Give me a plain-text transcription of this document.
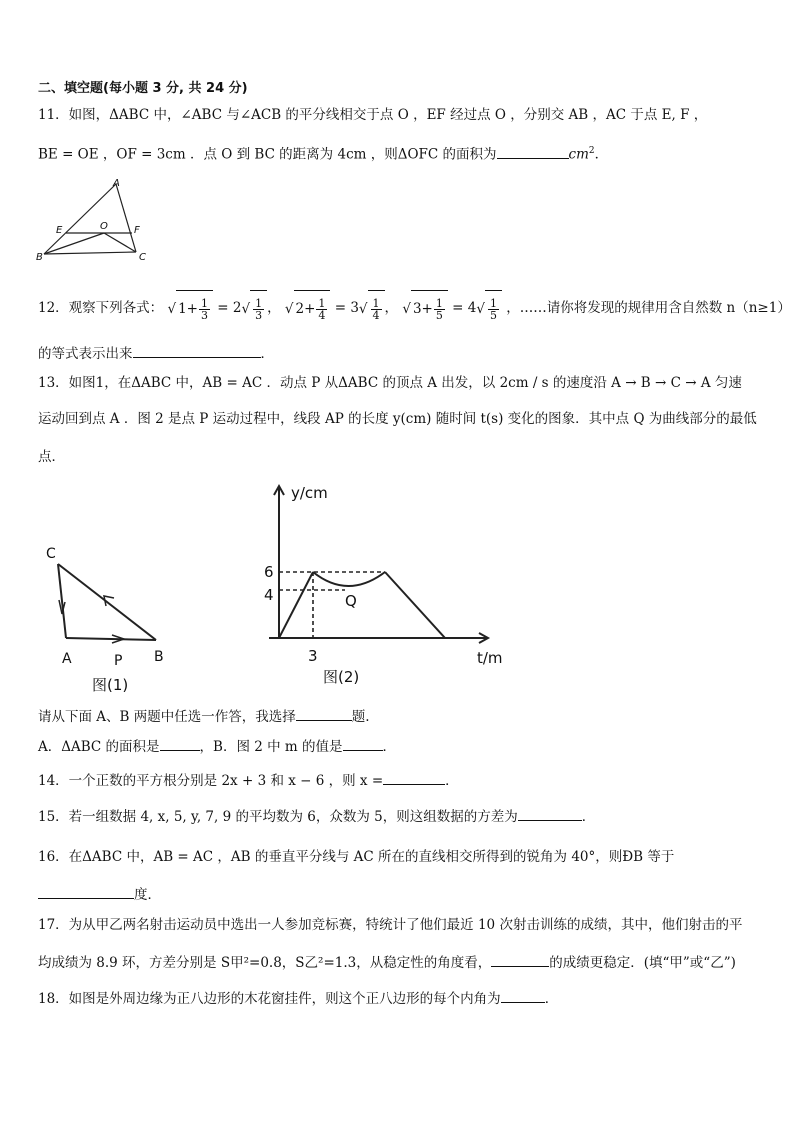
二、填空题(每小题 3 分, 共 24 分)
11．如图，ΔABC 中，∠ABC 与∠ACB 的平分线相交于点 O ，EF 经过点 O ，分别交 AB ，AC 于点 E, F ，
BE = OE ，OF = 3cm ．点 O 到 BC 的距离为 4cm ，则ΔOFC 的面积为	$cm^2$．
A
B	C
E	F
O
12．观察下列各式： √ $1+ \frac{1}{3} = 2√ \frac{1}{3}$ ， √ $2+ \frac{1}{4} = 3√ \frac{1}{4}$ ， √ $3+ \frac{1}{5} = 4√ \frac{1}{5}$ ，……请你将发现的规律用含自然数 n（n≥1）
的等式表示出来	．
13．如图1，在ΔABC 中，AB = AC ．动点 P 从ΔABC 的顶点 A 出发，以 2cm / s 的速度沿 A → B → C → A 匀速
运动回到点 A ．图 2 是点 P 运动过程中，线段 AP 的长度 y(cm) 随时间 t(s) 变化的图象．其中点 Q 为曲线部分的最低
点．
C
A	P B
图(1)
y/cm
t/m
6
4
3
Q
图(2)
请从下面 A、B 两题中任选一作答，我选择	题.
A．ΔABC 的面积是	，B．图 2 中 m 的值是	．
14．一个正数的平方根分别是 2x + 3 和 x − 6 ，则 x =	．
15．若一组数据 4, x, 5, y, 7, 9 的平均数为 6，众数为 5，则这组数据的方差为	．
16．在ΔABC 中，AB = AC ，AB 的垂直平分线与 AC 所在的直线相交所得到的锐角为 40°，则ÐB 等于
度．
17．为从甲乙两名射击运动员中选出一人参加竞标赛，特统计了他们最近 10 次射击训练的成绩，其中，他们射击的平
均成绩为 8.9 环，方差分别是 S甲²=0.8，S乙²=1.3，从稳定性的角度看，	的成绩更稳定．(填“甲”或“乙”)
18．如图是外周边缘为正八边形的木花窗挂件，则这个正八边形的每个内角为	．
